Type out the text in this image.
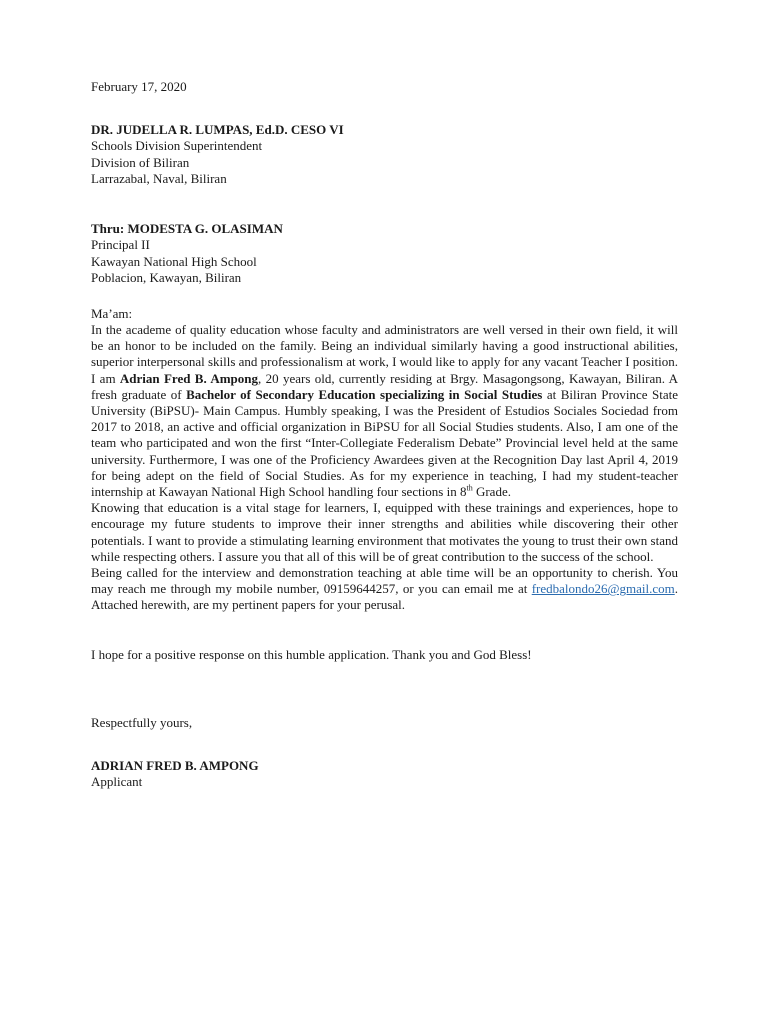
February 17, 2020
DR. JUDELLA R. LUMPAS, Ed.D. CESO VI
Schools Division Superintendent
Division of Biliran
Larrazabal, Naval, Biliran
Thru: MODESTA G. OLASIMAN
Principal II
Kawayan National High School
Poblacion, Kawayan, Biliran
Ma’am:

In the academe of quality education whose faculty and administrators are well versed in their own field, it will be an honor to be included on the family. Being an individual similarly having a good instructional abilities, superior interpersonal skills and professionalism at work, I would like to apply for any vacant Teacher I position.

I am Adrian Fred B. Ampong, 20 years old, currently residing at Brgy. Masagongsong, Kawayan, Biliran. A fresh graduate of Bachelor of Secondary Education specializing in Social Studies at Biliran Province State University (BiPSU)- Main Campus. Humbly speaking, I was the President of Estudios Sociales Sociedad from 2017 to 2018, an active and official organization in BiPSU for all Social Studies students. Also, I am one of the team who participated and won the first “Inter-Collegiate Federalism Debate” Provincial level held at the same university. Furthermore, I was one of the Proficiency Awardees given at the Recognition Day last April 4, 2019 for being adept on the field of Social Studies. As for my experience in teaching, I had my student-teacher internship at Kawayan National High School handling four sections in 8th Grade.

Knowing that education is a vital stage for learners, I, equipped with these trainings and experiences, hope to encourage my future students to improve their inner strengths and abilities while discovering their other potentials. I want to provide a stimulating learning environment that motivates the young to trust their own stand while respecting others. I assure you that all of this will be of great contribution to the success of the school.

Being called for the interview and demonstration teaching at able time will be an opportunity to cherish. You may reach me through my mobile number, 09159644257, or you can email me at fredbalondo26@gmail.com. Attached herewith, are my pertinent papers for your perusal.

I hope for a positive response on this humble application. Thank you and God Bless!
Respectfully yours,
ADRIAN FRED B. AMPONG
Applicant
